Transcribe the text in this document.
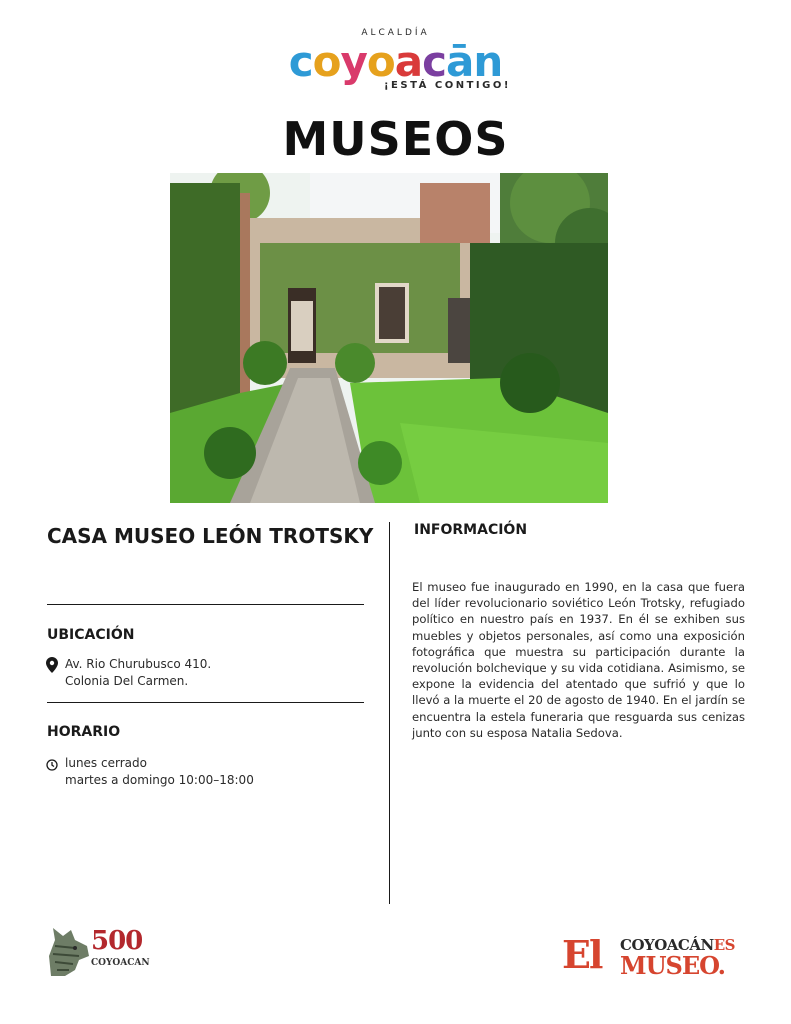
ALCALDÍA
coyoacān
¡ESTÁ CONTIGO!
MUSEOS
CASA MUSEO LEÓN TROTSKY
UBICACIÓN
Av. Rio Churubusco 410.
Colonia Del Carmen.
HORARIO
lunes cerrado
martes a domingo 10:00–18:00
INFORMACIÓN
El museo fue inaugurado en 1990, en la casa que fuera del líder revolucionario soviético León Trotsky, refugiado político en nuestro país en 1937. En él se exhiben sus muebles y objetos personales, así como una exposición fotográfica que muestra su participación durante la revolución bolchevique y su vida cotidiana. Asimismo, se expone la evidencia del atentado que sufrió y que lo llevó a la muerte el 20 de agosto de 1940. En el jardín se encuentra la estela funeraria que resguarda sus cenizas junto con su esposa Natalia Sedova.
500
COYOACAN	El COYOACÁNES
MUSEO.
